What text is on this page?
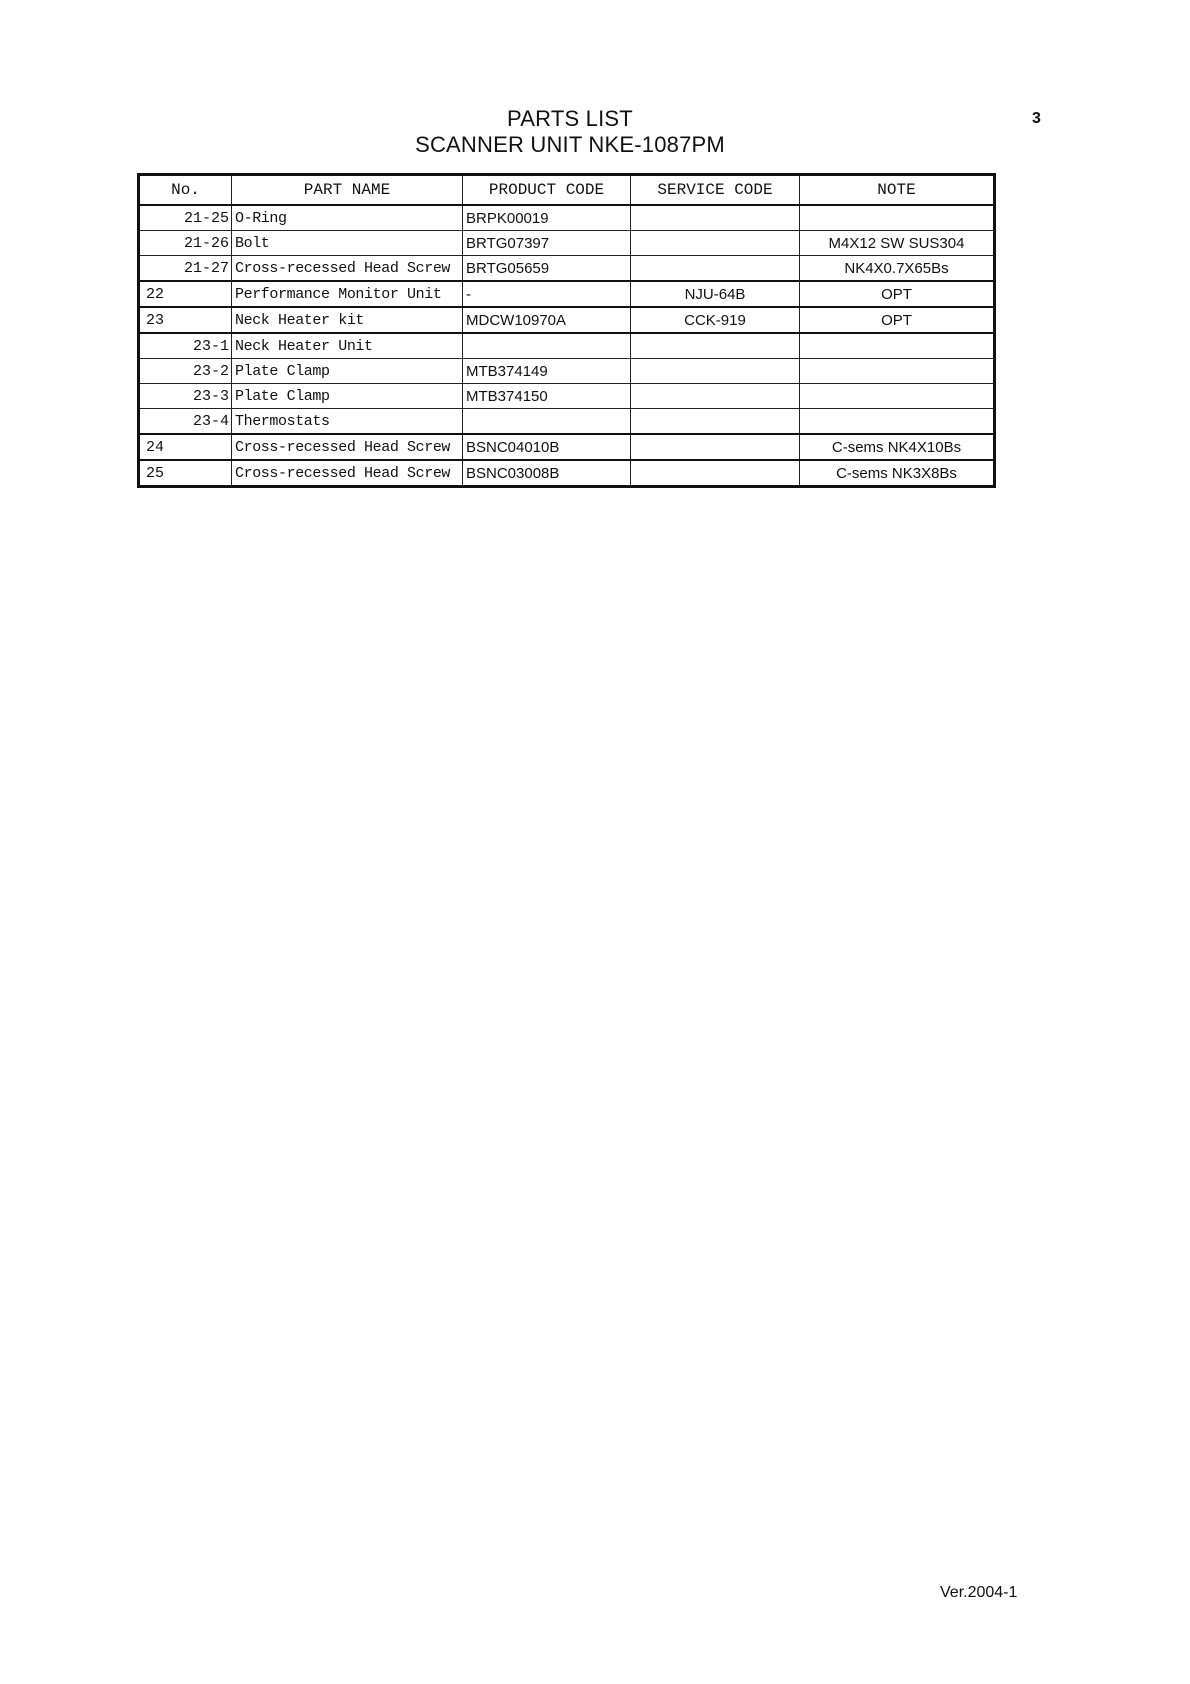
PARTS LIST
SCANNER UNIT NKE-1087PM
3
No.	PART NAME	PRODUCT CODE	SERVICE CODE	NOTE
21-25	O-Ring	BRPK00019		
21-26	Bolt	BRTG07397		M4X12 SW SUS304
21-27	Cross-recessed Head Screw	BRTG05659		NK4X0.7X65Bs
22	Performance Monitor Unit	-	NJU-64B	OPT
23	Neck Heater kit	MDCW10970A	CCK-919	OPT
23-1	Neck Heater Unit			
23-2	Plate Clamp	MTB374149		
23-3	Plate Clamp	MTB374150		
23-4	Thermostats			
24	Cross-recessed Head Screw	BSNC04010B		C-sems NK4X10Bs
25	Cross-recessed Head Screw	BSNC03008B		C-sems NK3X8Bs
Ver.2004-1
